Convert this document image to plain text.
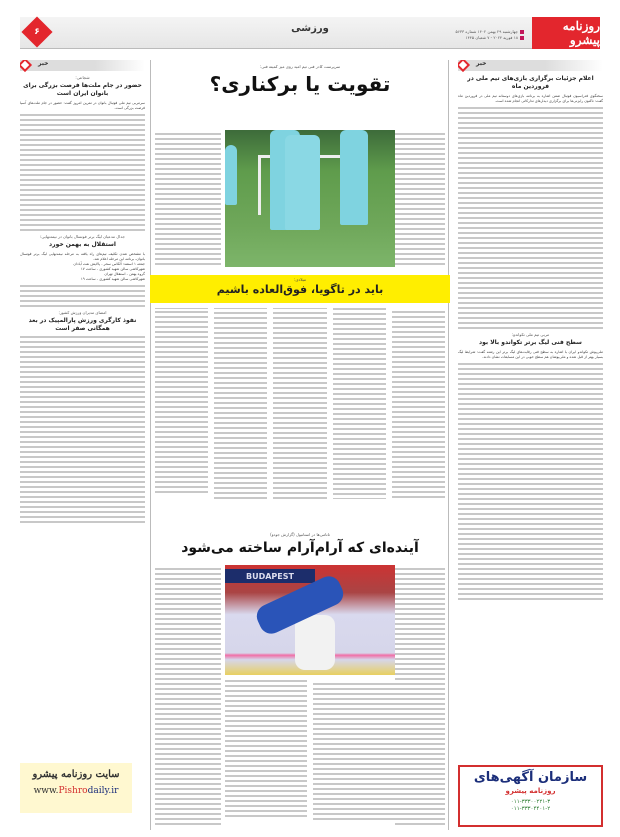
روزنامه پیشرو
چهارشنبه ۲۹ بهمن ۱۴۰۲ شماره ۵۶۳۳
۱۸ فوریه ۲۰۲۴ - ۷ شعبان ۱۴۴۵
ورزشی
۶
خبر
اعلام جزئیات برگزاری بازی‌های تیم ملی در فروردین ماه
سخنگوی فدراسیون فوتبال ضمن اشاره به برنامه بازی‌های دوستانه تیم ملی در فروردین ماه گفت: تاکنون رایزنی‌ها برای برگزاری دیدارهای تدارکاتی انجام شده است.
مربی تیم ملی تکواندو:
سطح فنی لیگ برتر تکواندو بالا بود
ملی‌پوش تکواندو ایران با اشاره به سطح فنی رقابت‌های لیگ برتر این رشته گفت: شرایط لیگ بسیار بهتر از قبل شده و ملی‌پوشان هم سطح خوبی در این مسابقات نشان دادند.
سازمان آگهی‌های
روزنامه پیشرو
۰۱۱-۳۳۳۰۰۲۲۱-۳
۰۱۱-۳۳۳۰۴۴۰۱-۲
سرپرست کادر فنی تیم امید روی میز کمیته فنی:
تقویت یا برکناری؟
میلادی:
باید در تاگویا، فوق‌العاده باشیم
تاتامی‌ها در استانبول (گزارش جودو)
آینده‌ای که آرام‌آرام ساخته می‌شود
BUDAPEST
خبر
شجاعی:
حضور در جام ملت‌ها فرصت بزرگی برای بانوان ایران است
سرمربی تیم ملی فوتبال بانوان در تمرین امروز گفت: حضور در جام ملت‌های آسیا فرصت بزرگی است.
جدال مدعیان لیگ برتر فوتسال بانوان در نیمه‌نهایی؛
استقلال به بهمن خورد
با مشخص شدن تکلیف تیم‌های راه یافته به مرحله نیمه‌نهایی لیگ برتر فوتسال بانوان، برنامه این مرحله اعلام شد.
جمعه ۱ اسفند: آلکاس سحر - پالایش نفت آبادان
شهرکاشی سالن شهید کشوری - ساعت ۱۷
گروه بهمن - استقلال تهران
شهرکاشی سالن شهید کشوری - ساعت ۱۹
امضای مدیران ورزش کشور:
نفوذ کارگری ورزش پارالمپیک در بعد همگانی صفر است
سایت روزنامه پیشرو
www.Pishrodaily.ir
